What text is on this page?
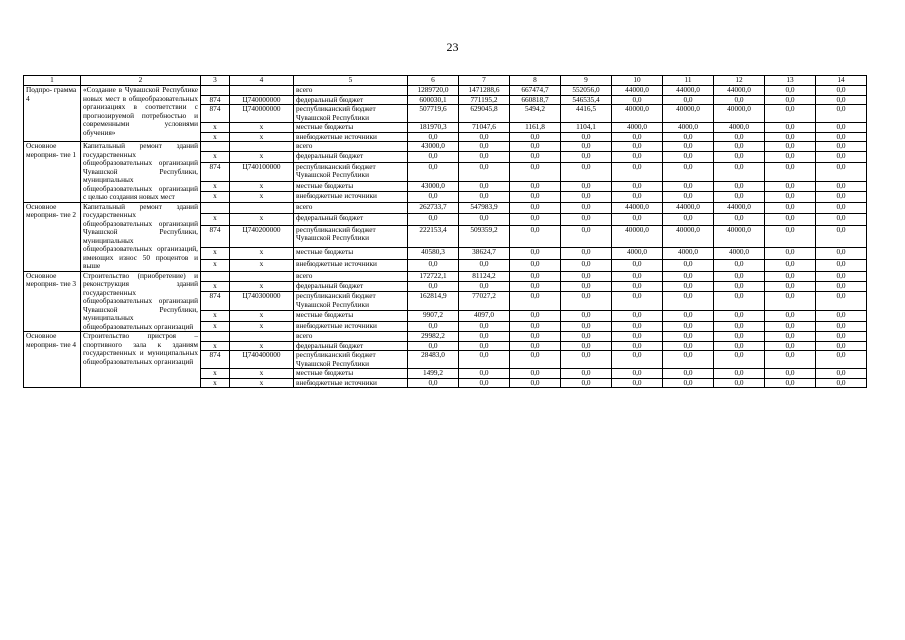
23
1	2	3	4	5	6	7	8	9	10	11	12	13	14
Подпро- грамма 4	«Создание в Чувашской Республике новых мест в общеобразовательных организациях в соответствии с прогнозируемой потребностью и современными условиями обучения»			всего	1289720,0	1471288,6	667474,7	552056,0	44000,0	44000,0	44000,0	0,0	0,0
		874	Ц740000000	федеральный бюджет	600030,1	771195,2	660818,7	546535,4	0,0	0,0	0,0	0,0	0,0
		874	Ц740000000	республиканский бюджет Чувашской Республики	507719,6	629045,8	5494,2	4416,5	40000,0	40000,0	40000,0	0,0	0,0
		х	х	местные бюджеты	181970,3	71047,6	1161,8	1104,1	4000,0	4000,0	4000,0	0,0	0,0
		х	х	внебюджетные источники	0,0	0,0	0,0	0,0	0,0	0,0	0,0	0,0	0,0
Основное мероприя- тие 1	Капитальный ремонт зданий государственных общеобразовательных организаций Чувашской Республики, муниципальных общеобразовательных организаций с целью создания новых мест			всего	43000,0	0,0	0,0	0,0	0,0	0,0	0,0	0,0	0,0
		х	х	федеральный бюджет	0,0	0,0	0,0	0,0	0,0	0,0	0,0	0,0	0,0
		874	Ц740100000	республиканский бюджет Чувашской Республики	0,0	0,0	0,0	0,0	0,0	0,0	0,0	0,0	0,0
		х	х	местные бюджеты	43000,0	0,0	0,0	0,0	0,0	0,0	0,0	0,0	0,0
		х	х	внебюджетные источники	0,0	0,0	0,0	0,0	0,0	0,0	0,0	0,0	0,0
Основное мероприя- тие 2	Капитальный ремонт зданий государственных общеобразовательных организаций Чувашской Республики, муниципальных общеобразовательных организаций, имеющих износ 50 процентов и выше			всего	262733,7	547983,9	0,0	0,0	44000,0	44000,0	44000,0	0,0	0,0
		х	х	федеральный бюджет	0,0	0,0	0,0	0,0	0,0	0,0	0,0	0,0	0,0
		874	Ц740200000	республиканский бюджет Чувашской Республики	222153,4	509359,2	0,0	0,0	40000,0	40000,0	40000,0	0,0	0,0
		х	х	местные бюджеты	40580,3	38624,7	0,0	0,0	4000,0	4000,0	4000,0	0,0	0,0
		х	х	внебюджетные источники	0,0	0,0	0,0	0,0	0,0	0,0	0,0	0,0	0,0
Основное мероприя- тие 3	Строительство (приобретение) и реконструкция зданий государственных общеобразовательных организаций Чувашской Республики, муниципальных общеобразовательных организаций			всего	172722,1	81124,2	0,0	0,0	0,0	0,0	0,0	0,0	0,0
		х	х	федеральный бюджет	0,0	0,0	0,0	0,0	0,0	0,0	0,0	0,0	0,0
		874	Ц740300000	республиканский бюджет Чувашской Республики	162814,9	77027,2	0,0	0,0	0,0	0,0	0,0	0,0	0,0
		х	х	местные бюджеты	9907,2	4097,0	0,0	0,0	0,0	0,0	0,0	0,0	0,0
		х	х	внебюджетные источники	0,0	0,0	0,0	0,0	0,0	0,0	0,0	0,0	0,0
Основное мероприя- тие 4	Строительство пристроя – спортивного зала к зданиям государственных и муниципальных общеобразовательных организаций			всего	29982,2	0,0	0,0	0,0	0,0	0,0	0,0	0,0	0,0
		х	х	федеральный бюджет	0,0	0,0	0,0	0,0	0,0	0,0	0,0	0,0	0,0
		874	Ц740400000	республиканский бюджет Чувашской Республики	28483,0	0,0	0,0	0,0	0,0	0,0	0,0	0,0	0,0
		х	х	местные бюджеты	1499,2	0,0	0,0	0,0	0,0	0,0	0,0	0,0	0,0
		х	х	внебюджетные источники	0,0	0,0	0,0	0,0	0,0	0,0	0,0	0,0	0,0
